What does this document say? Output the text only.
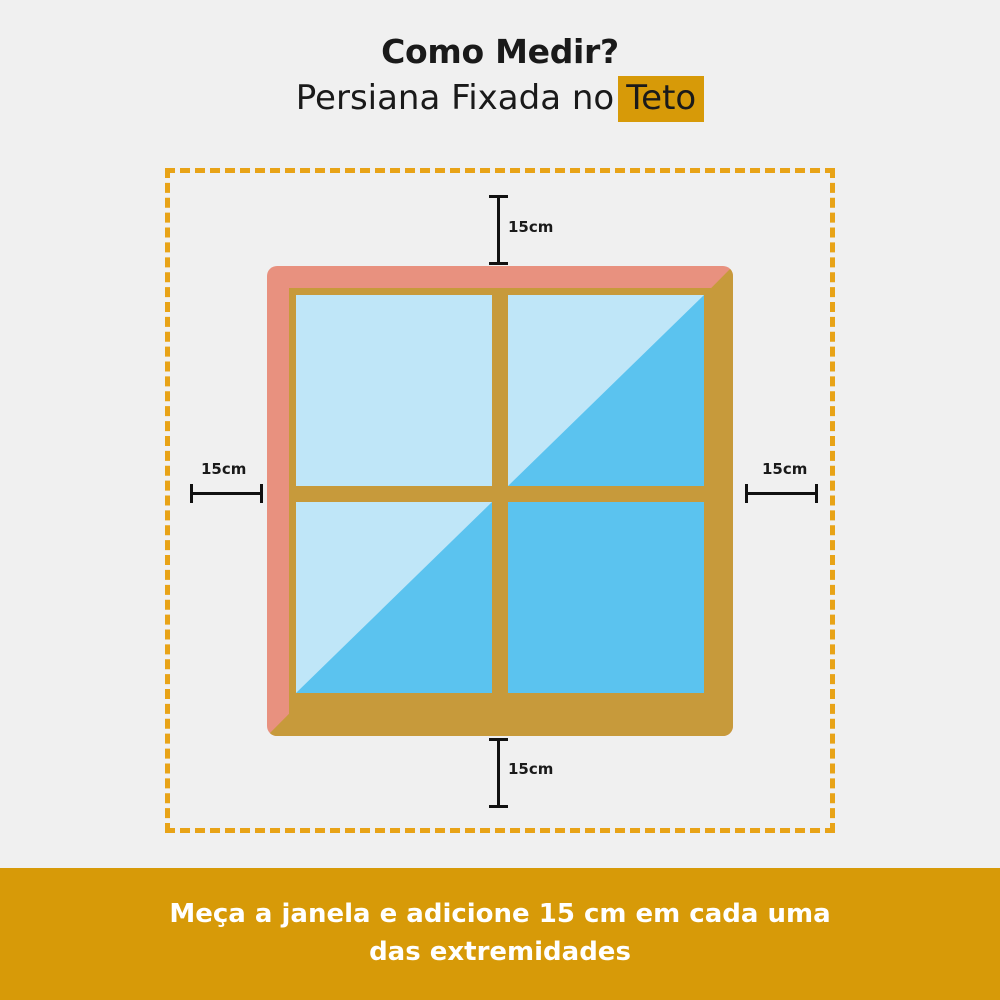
Como Medir?
Persiana Fixada no Teto
15cm
15cm
15cm	15cm
Meça a janela e adicione 15 cm em cada uma
das extremidades
